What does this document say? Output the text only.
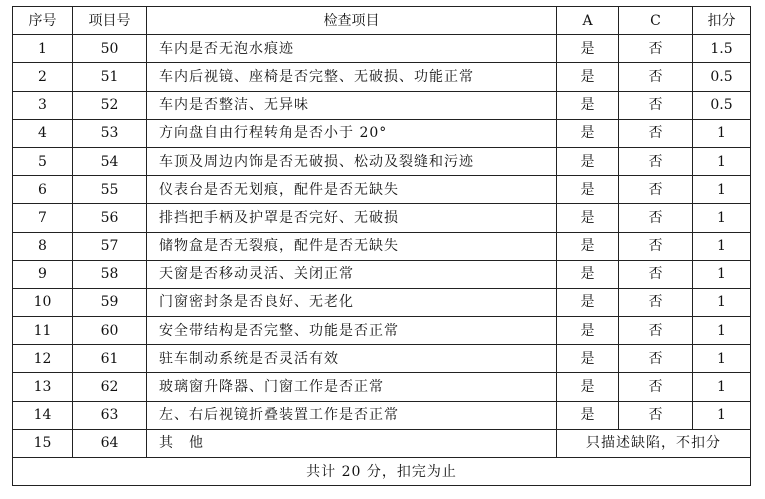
序号	项目号	检查项目	A	C	扣分
1	50	车内是否无泡水痕迹	是	否	1.5
2	51	车内后视镜、座椅是否完整、无破损、功能正常	是	否	0.5
3	52	车内是否整洁、无异味	是	否	0.5
4	53	方向盘自由行程转角是否小于 20°	是	否	1
5	54	车顶及周边内饰是否无破损、松动及裂缝和污迹	是	否	1
6	55	仪表台是否无划痕，配件是否无缺失	是	否	1
7	56	排挡把手柄及护罩是否完好、无破损	是	否	1
8	57	储物盒是否无裂痕，配件是否无缺失	是	否	1
9	58	天窗是否移动灵活、关闭正常	是	否	1
10	59	门窗密封条是否良好、无老化	是	否	1
11	60	安全带结构是否完整、功能是否正常	是	否	1
12	61	驻车制动系统是否灵活有效	是	否	1
13	62	玻璃窗升降器、门窗工作是否正常	是	否	1
14	63	左、右后视镜折叠装置工作是否正常	是	否	1
15	64	其　他	只描述缺陷，不扣分		
共计 20 分，扣完为止					
